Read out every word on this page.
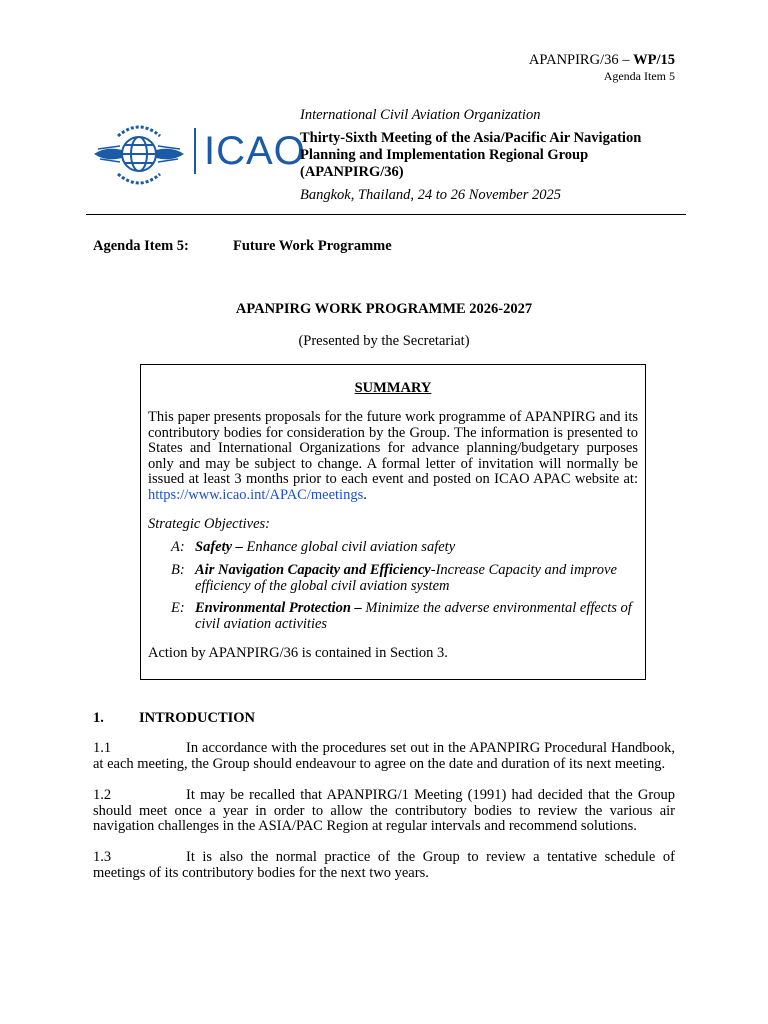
APANPIRG/36 – WP/15
Agenda Item 5
ICAO
International Civil Aviation Organization
Thirty-Sixth Meeting of the Asia/Pacific Air Navigation Planning and Implementation Regional Group (APANPIRG/36)
Bangkok, Thailand, 24 to 26 November 2025
Agenda Item 5:	Future Work Programme
APANPIRG WORK PROGRAMME 2026-2027
(Presented by the Secretariat)
SUMMARY
This paper presents proposals for the future work programme of APANPIRG and its contributory bodies for consideration by the Group. The information is presented to States and International Organizations for advance planning/budgetary purposes only and may be subject to change. A formal letter of invitation will normally be issued at least 3 months prior to each event and posted on ICAO APAC website at: https://www.icao.int/APAC/meetings.
Strategic Objectives:
A: Safety – Enhance global civil aviation safety
B: Air Navigation Capacity and Efficiency-Increase Capacity and improve efficiency of the global civil aviation system
E: Environmental Protection – Minimize the adverse environmental effects of civil aviation activities
Action by APANPIRG/36 is contained in Section 3.
1. INTRODUCTION
1.1	In accordance with the procedures set out in the APANPIRG Procedural Handbook, at each meeting, the Group should endeavour to agree on the date and duration of its next meeting.

1.2	It may be recalled that APANPIRG/1 Meeting (1991) had decided that the Group should meet once a year in order to allow the contributory bodies to review the various air navigation challenges in the ASIA/PAC Region at regular intervals and recommend solutions.

1.3	It is also the normal practice of the Group to review a tentative schedule of meetings of its contributory bodies for the next two years.
